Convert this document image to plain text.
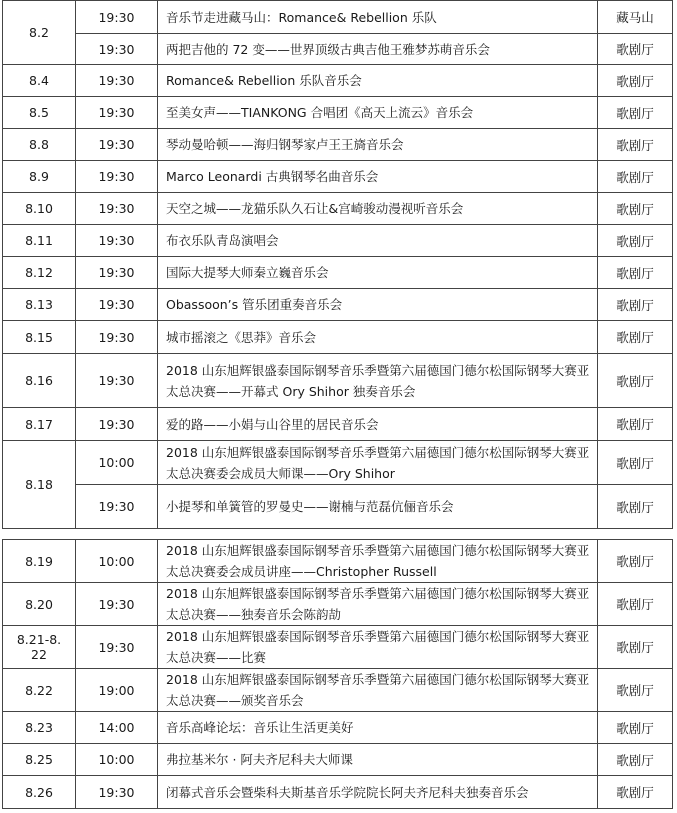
8.2	19:30	音乐节走进藏马山：Romance& Rebellion 乐队	藏马山
	19:30	两把吉他的 72 变——世界顶级古典吉他王雅梦苏萌音乐会	歌剧厅
8.4	19:30	Romance& Rebellion 乐队音乐会	歌剧厅
8.5	19:30	至美女声——TIANKONG 合唱团《高天上流云》音乐会	歌剧厅
8.8	19:30	琴动曼哈顿——海归钢琴家卢王王旖音乐会	歌剧厅
8.9	19:30	Marco Leonardi 古典钢琴名曲音乐会	歌剧厅
8.10	19:30	天空之城——龙猫乐队久石让&宫崎骏动漫视听音乐会	歌剧厅
8.11	19:30	布衣乐队青岛演唱会	歌剧厅
8.12	19:30	国际大提琴大师秦立巍音乐会	歌剧厅
8.13	19:30	Obassoon’s 管乐团重奏音乐会	歌剧厅
8.15	19:30	城市摇滚之《思莽》音乐会	歌剧厅
8.16	19:30	2018 山东旭辉银盛泰国际钢琴音乐季暨第六届德国门德尔松国际钢琴大赛亚太总决赛——开幕式 Ory Shihor 独奏音乐会	歌剧厅
8.17	19:30	爱的路——小娟与山谷里的居民音乐会	歌剧厅
8.18	10:00	2018 山东旭辉银盛泰国际钢琴音乐季暨第六届德国门德尔松国际钢琴大赛亚太总决赛委会成员大师课——Ory Shihor	歌剧厅
	19:30	小提琴和单簧管的罗曼史——谢楠与范磊伉俪音乐会	歌剧厅
8.19	10:00	2018 山东旭辉银盛泰国际钢琴音乐季暨第六届德国门德尔松国际钢琴大赛亚太总决赛委会成员讲座——Christopher Russell	歌剧厅
8.20	19:30	2018 山东旭辉银盛泰国际钢琴音乐季暨第六届德国门德尔松国际钢琴大赛亚太总决赛——独奏音乐会陈韵劼	歌剧厅
8.21-8.22	19:30	2018 山东旭辉银盛泰国际钢琴音乐季暨第六届德国门德尔松国际钢琴大赛亚太总决赛——比赛	歌剧厅
8.22	19:00	2018 山东旭辉银盛泰国际钢琴音乐季暨第六届德国门德尔松国际钢琴大赛亚太总决赛——颁奖音乐会	歌剧厅
8.23	14:00	音乐高峰论坛：音乐让生活更美好	歌剧厅
8.25	10:00	弗拉基米尔 · 阿夫齐尼科夫大师课	歌剧厅
8.26	19:30	闭幕式音乐会暨柴科夫斯基音乐学院院长阿夫齐尼科夫独奏音乐会	歌剧厅
